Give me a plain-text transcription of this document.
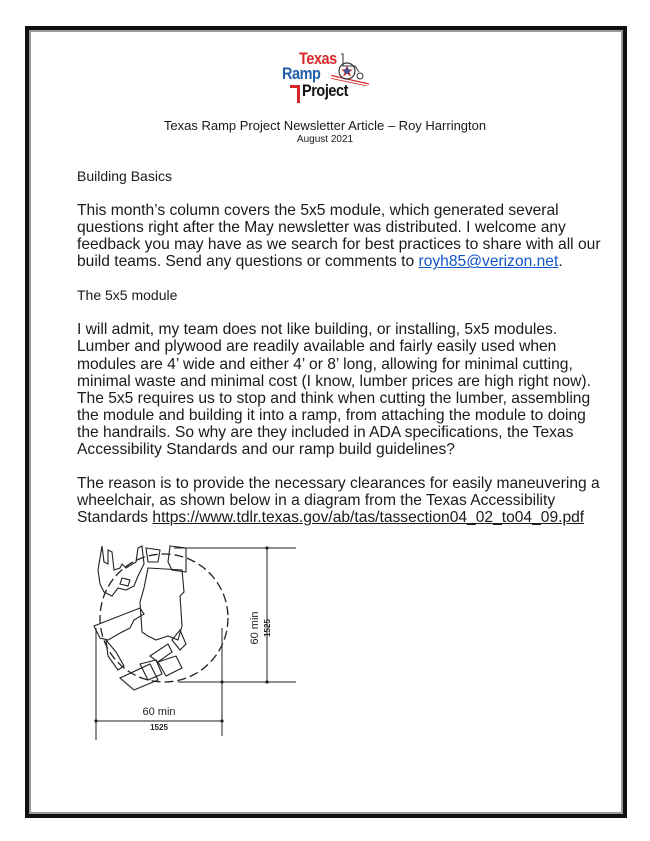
Texas
Ramp
Project
Texas Ramp Project Newsletter Article – Roy Harrington
August 2021
Building Basics

This month’s column covers the 5x5 module, which generated several questions right after the May newsletter was distributed. I welcome any feedback you may have as we search for best practices to share with all our build teams. Send any questions or comments to royh85@verizon.net.

The 5x5 module

I will admit, my team does not like building, or installing, 5x5 modules. Lumber and plywood are readily available and fairly easily used when modules are 4’ wide and either 4’ or 8’ long, allowing for minimal cutting, minimal waste and minimal cost (I know, lumber prices are high right now). The 5x5 requires us to stop and think when cutting the lumber, assembling the module and building it into a ramp, from attaching the module to doing the handrails. So why are they included in ADA specifications, the Texas Accessibility Standards and our ramp build guidelines?

The reason is to provide the necessary clearances for easily maneuvering a wheelchair, as shown below in a diagram from the Texas Accessibility Standards https://www.tdlr.texas.gov/ab/tas/tassection04_02_to04_09.pdf

60 min 1525
60 min
1525
